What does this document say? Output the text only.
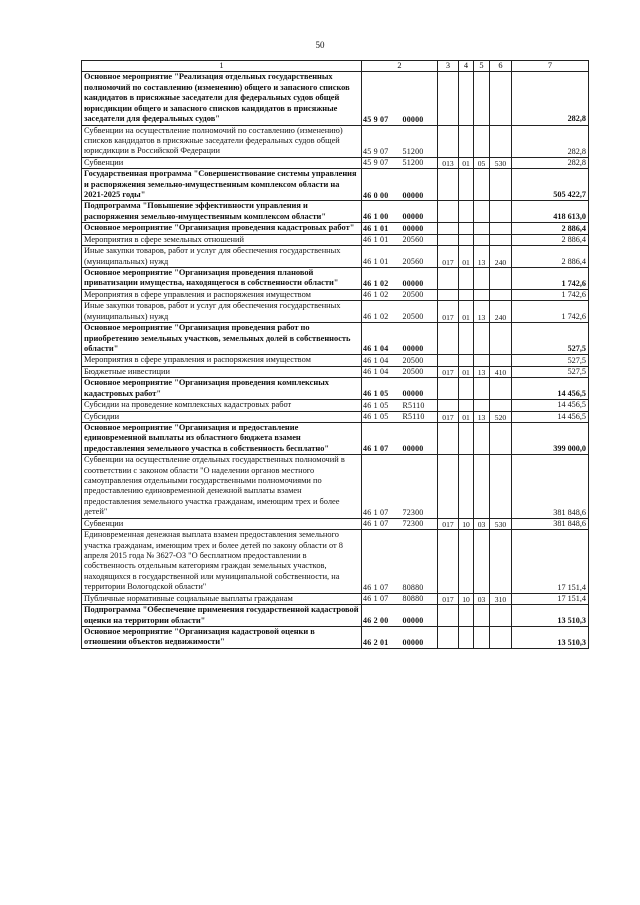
50
1	2		3	4	5	6	7
Основное мероприятие "Реализация отдельных государственных полномочий по составлению (изменению) общего и запасного списков кандидатов в присяжные заседатели для федеральных судов общей юрисдикции общего и запасного списков кандидатов в присяжные заседатели для федеральных судов"	45 9 07	00000					282,8
Субвенции на осуществление полномочий по составлению (изменению) списков кандидатов в присяжные заседатели федеральных судов общей юрисдикции в Российской Федерации	45 9 07	51200					282,8
Субвенции	45 9 07	51200	013	01	05	530	282,8
Государственная программа "Совершенствование системы управления и распоряжения земельно-имущественным комплексом области на 2021-2025 годы"	46 0 00	00000					505 422,7
Подпрограмма "Повышение эффективности управления и распоряжения земельно-имущественным комплексом области"	46 1 00	00000					418 613,0
Основное мероприятие "Организация проведения кадастровых работ"	46 1 01	00000					2 886,4
Мероприятия в сфере земельных отношений	46 1 01	20560					2 886,4
Иные закупки товаров, работ и услуг для обеспечения государственных (муниципальных) нужд	46 1 01	20560	017	01	13	240	2 886,4
Основное мероприятие "Организация проведения плановой приватизации имущества, находящегося в собственности области"	46 1 02	00000					1 742,6
Мероприятия в сфере управления и распоряжения имуществом	46 1 02	20500					1 742,6
Иные закупки товаров, работ и услуг для обеспечения государственных (муниципальных) нужд	46 1 02	20500	017	01	13	240	1 742,6
Основное мероприятие "Организация проведения работ по приобретению земельных участков, земельных долей в собственность области"	46 1 04	00000					527,5
Мероприятия в сфере управления и распоряжения имуществом	46 1 04	20500					527,5
Бюджетные инвестиции	46 1 04	20500	017	01	13	410	527,5
Основное мероприятие "Организация проведения комплексных кадастровых работ"	46 1 05	00000					14 456,5
Субсидии на проведение комплексных кадастровых работ	46 1 05	R5110					14 456,5
Субсидии	46 1 05	R5110	017	01	13	520	14 456,5
Основное мероприятие "Организация и предоставление единовременной выплаты из областного бюджета взамен предоставления земельного участка в собственность бесплатно"	46 1 07	00000					399 000,0
Субвенции на осуществление отдельных государственных полномочий в соответствии с законом области "О наделении органов местного самоуправления отдельными государственными полномочиями по предоставлению единовременной денежной выплаты взамен предоставления земельного участка гражданам, имеющим трех и более детей"	46 1 07	72300					381 848,6
Субвенции	46 1 07	72300	017	10	03	530	381 848,6
Единовременная денежная выплата взамен предоставления земельного участка гражданам, имеющим трех и более детей по закону области от 8 апреля 2015 года № 3627-ОЗ "О бесплатном предоставлении в собственность отдельным категориям граждан земельных участков, находящихся в государственной или муниципальной собственности, на территории Вологодской области"	46 1 07	80880					17 151,4
Публичные нормативные социальные выплаты гражданам	46 1 07	80880	017	10	03	310	17 151,4
Подпрограмма "Обеспечение применения государственной кадастровой оценки на территории области"	46 2 00	00000					13 510,3
Основное мероприятие "Организация кадастровой оценки в отношении объектов недвижимости"	46 2 01	00000					13 510,3
